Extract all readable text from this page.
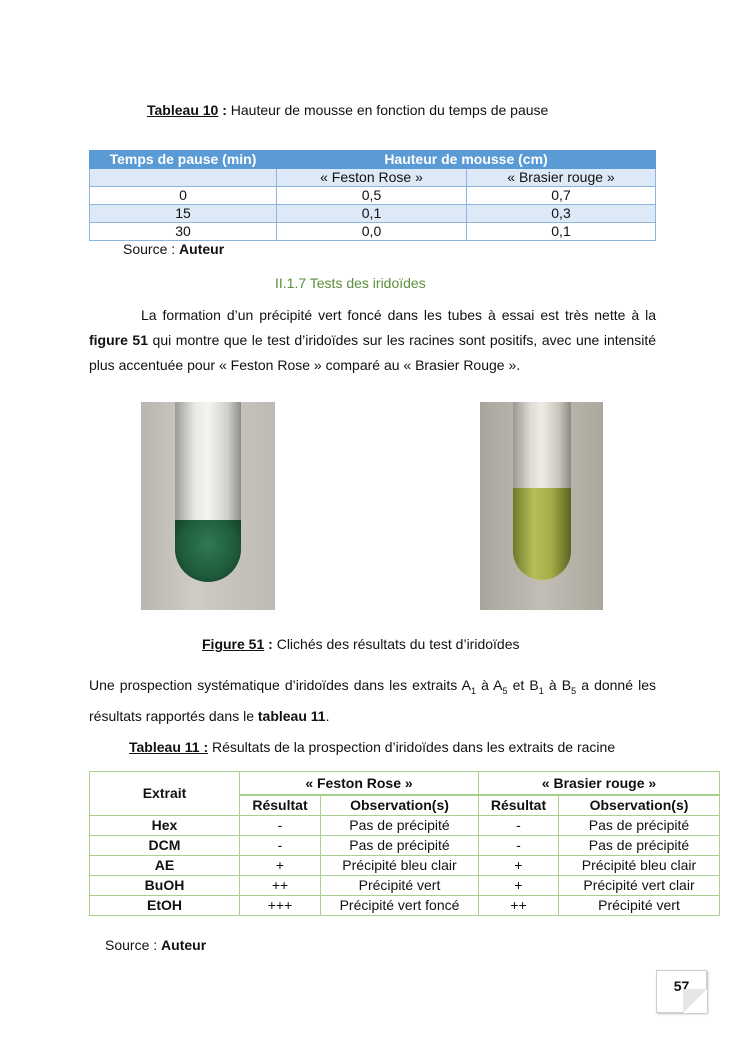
Tableau 10 : Hauteur de mousse en fonction du temps de pause
Temps de pause (min)	Hauteur de mousse (cm)	
	« Feston Rose »	« Brasier rouge »
0	0,5	0,7
15	0,1	0,3
30	0,0	0,1
Source : Auteur
II.1.7 Tests des iridoïdes

La formation d’un précipité vert foncé dans les tubes à essai est très nette à la figure 51 qui montre que le test d’iridoïdes sur les racines sont positifs, avec une intensité plus accentuée pour « Feston Rose » comparé au « Brasier Rouge ».

Figure 51 : Clichés des résultats du test d’iridoïdes

Une prospection systématique d’iridoïdes dans les extraits $A_1$ à $A_5$ et $B_1$ à $B_5$ a donné les résultats rapportés dans le tableau 11.

Tableau 11 : Résultats de la prospection d’iridoïdes dans les extraits de racine
Extrait	« Feston Rose »		« Brasier rouge »	
	Résultat	Observation(s)	Résultat	Observation(s)
Hex	-	Pas de précipité	-	Pas de précipité
DCM	-	Pas de précipité	-	Pas de précipité
AE	+	Précipité bleu clair	+	Précipité bleu clair
BuOH	++	Précipité vert	+	Précipité vert clair
EtOH	+++	Précipité vert foncé	++	Précipité vert
Source : Auteur
57
